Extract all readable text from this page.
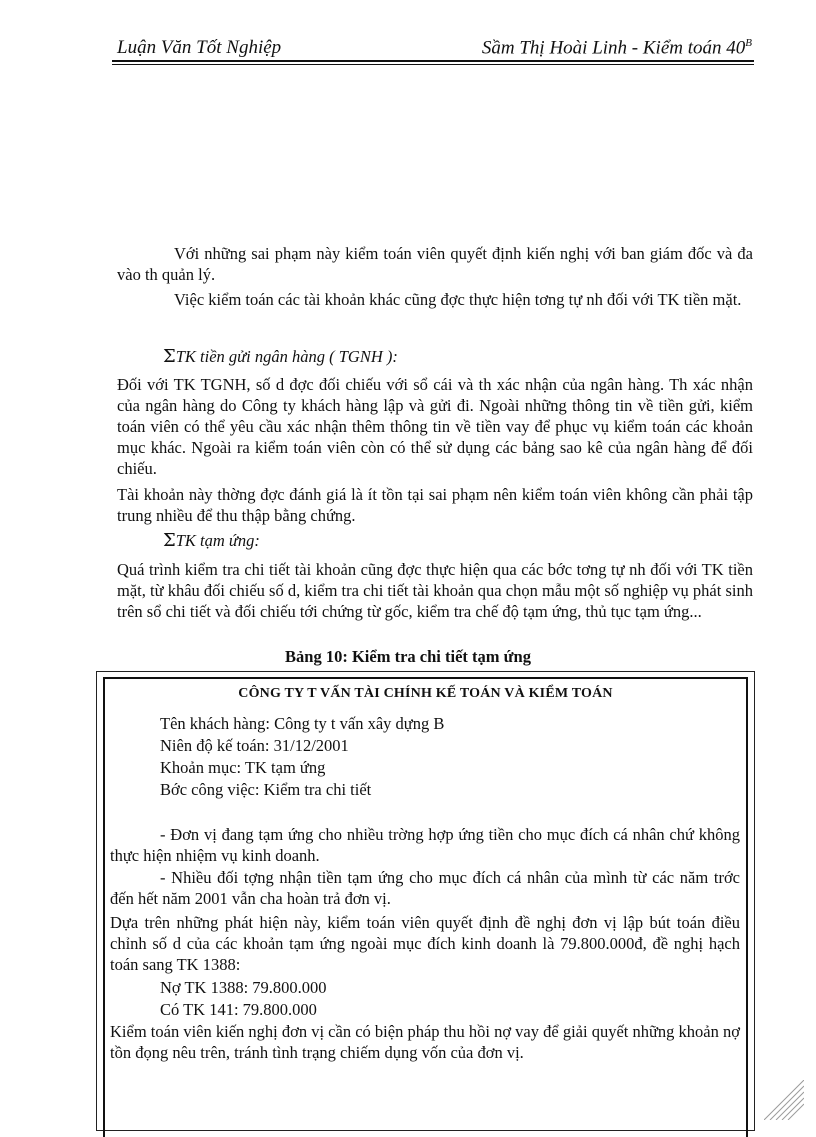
Luận Văn Tốt Nghiệp	Sầm Thị Hoài Linh - Kiểm toán $40^B$
Với những sai phạm này kiểm toán viên quyết định kiến nghị với ban giám đốc và đa vào th quản lý.
Việc kiểm toán các tài khoản khác cũng đợc thực hiện tơng tự nh đối với TK tiền mặt.
ΣTK tiền gửi ngân hàng ( TGNH ):
Đối với TK TGNH, số d đợc đối chiếu với sổ cái và th xác nhận của ngân hàng. Th xác nhận của ngân hàng do Công ty khách hàng lập và gửi đi. Ngoài những thông tin về tiền gửi, kiểm toán viên có thể yêu cầu xác nhận thêm thông tin về tiền vay để phục vụ kiểm toán các khoản mục khác. Ngoài ra kiểm toán viên còn có thể sử dụng các bảng sao kê của ngân hàng để đối chiếu.
Tài khoản này thờng đợc đánh giá là ít tồn tại sai phạm nên kiểm toán viên không cần phải tập trung nhiều để thu thập bằng chứng.
ΣTK tạm ứng:
Quá trình kiểm tra chi tiết tài khoản cũng đợc thực hiện qua các bớc tơng tự nh đối với TK tiền mặt, từ khâu đối chiếu số d, kiểm tra chi tiết tài khoản qua chọn mẫu một số nghiệp vụ phát sinh trên sổ chi tiết và đối chiếu tới chứng từ gốc, kiểm tra chế độ tạm ứng, thủ tục tạm ứng...
Bảng 10: Kiểm tra chi tiết tạm ứng
CÔNG TY T VẤN TÀI CHÍNH KẾ TOÁN VÀ KIỂM TOÁN
Tên khách hàng: Công ty t vấn xây dựng B
Niên độ kế toán: 31/12/2001
Khoản mục: TK tạm ứng
Bớc công việc: Kiểm tra chi tiết
- Đơn vị đang tạm ứng cho nhiều trờng hợp ứng tiền cho mục đích cá nhân chứ không thực hiện nhiệm vụ kinh doanh.
- Nhiều đối tợng nhận tiền tạm ứng cho mục đích cá nhân của mình từ các năm trớc đến hết năm 2001 vẫn cha hoàn trả đơn vị.
Dựa trên những phát hiện này, kiểm toán viên quyết định đề nghị đơn vị lập bút toán điều chỉnh số d của các khoản tạm ứng ngoài mục đích kinh doanh là 79.800.000đ, đề nghị hạch toán sang TK 1388:
Nợ TK 1388: 79.800.000
Có TK 141: 79.800.000
Kiểm toán viên kiến nghị đơn vị cần có biện pháp thu hồi nợ vay để giải quyết những khoản nợ tồn đọng nêu trên, tránh tình trạng chiếm dụng vốn của đơn vị.
